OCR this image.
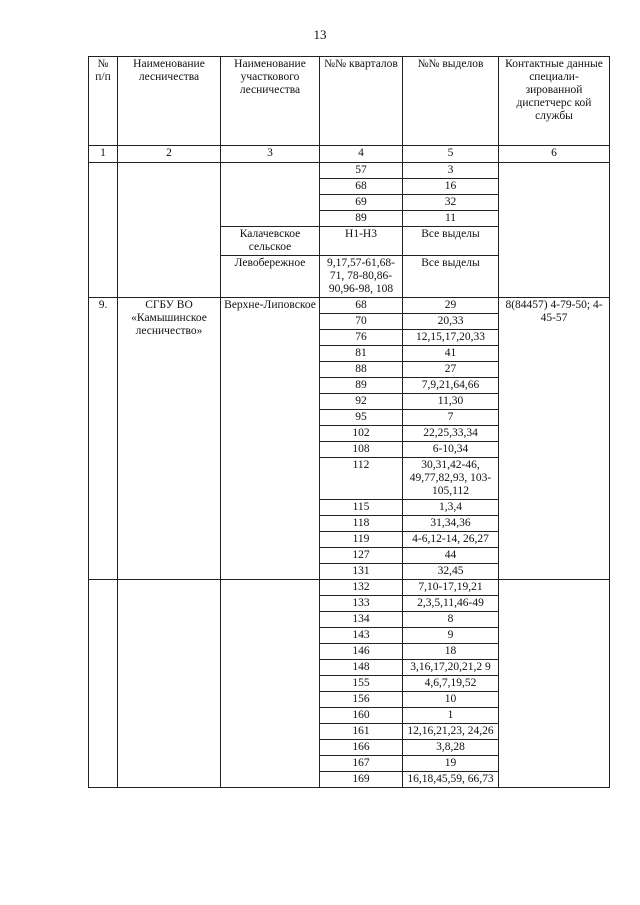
13
№ п/п	Наименование лесничества	Наименование участкового лесничества	№№ кварталов	№№ выделов	Контактные данные специали-зированной диспетчерс кой службы
1	2	3	4	5	6
			57	3	
			68	16	
			69	32	
			89	11	
		Калачевское сельское	Н1-Н3	Все выделы	
		Левобережное	9,17,57-61,68-71, 78-80,86-90,96-98, 108	Все выделы	
9.	СГБУ ВО «Камышинское лесничество»	Верхне-Липовское	68	29	8(84457) 4-79-50; 4-45-57
			70	20,33	
			76	12,15,17,20,33	
			81	41	
			88	27	
			89	7,9,21,64,66	
			92	11,30	
			95	7	
			102	22,25,33,34	
			108	6-10,34	
			112	30,31,42-46, 49,77,82,93, 103-105,112	
			115	1,3,4	
			118	31,34,36	
			119	4-6,12-14, 26,27	
			127	44	
			131	32,45	
			132	7,10-17,19,21	
			133	2,3,5,11,46-49	
			134	8	
			143	9	
			146	18	
			148	3,16,17,20,21,2 9	
			155	4,6,7,19,52	
			156	10	
			160	1	
			161	12,16,21,23, 24,26	
			166	3,8,28	
			167	19	
			169	16,18,45,59, 66,73	
